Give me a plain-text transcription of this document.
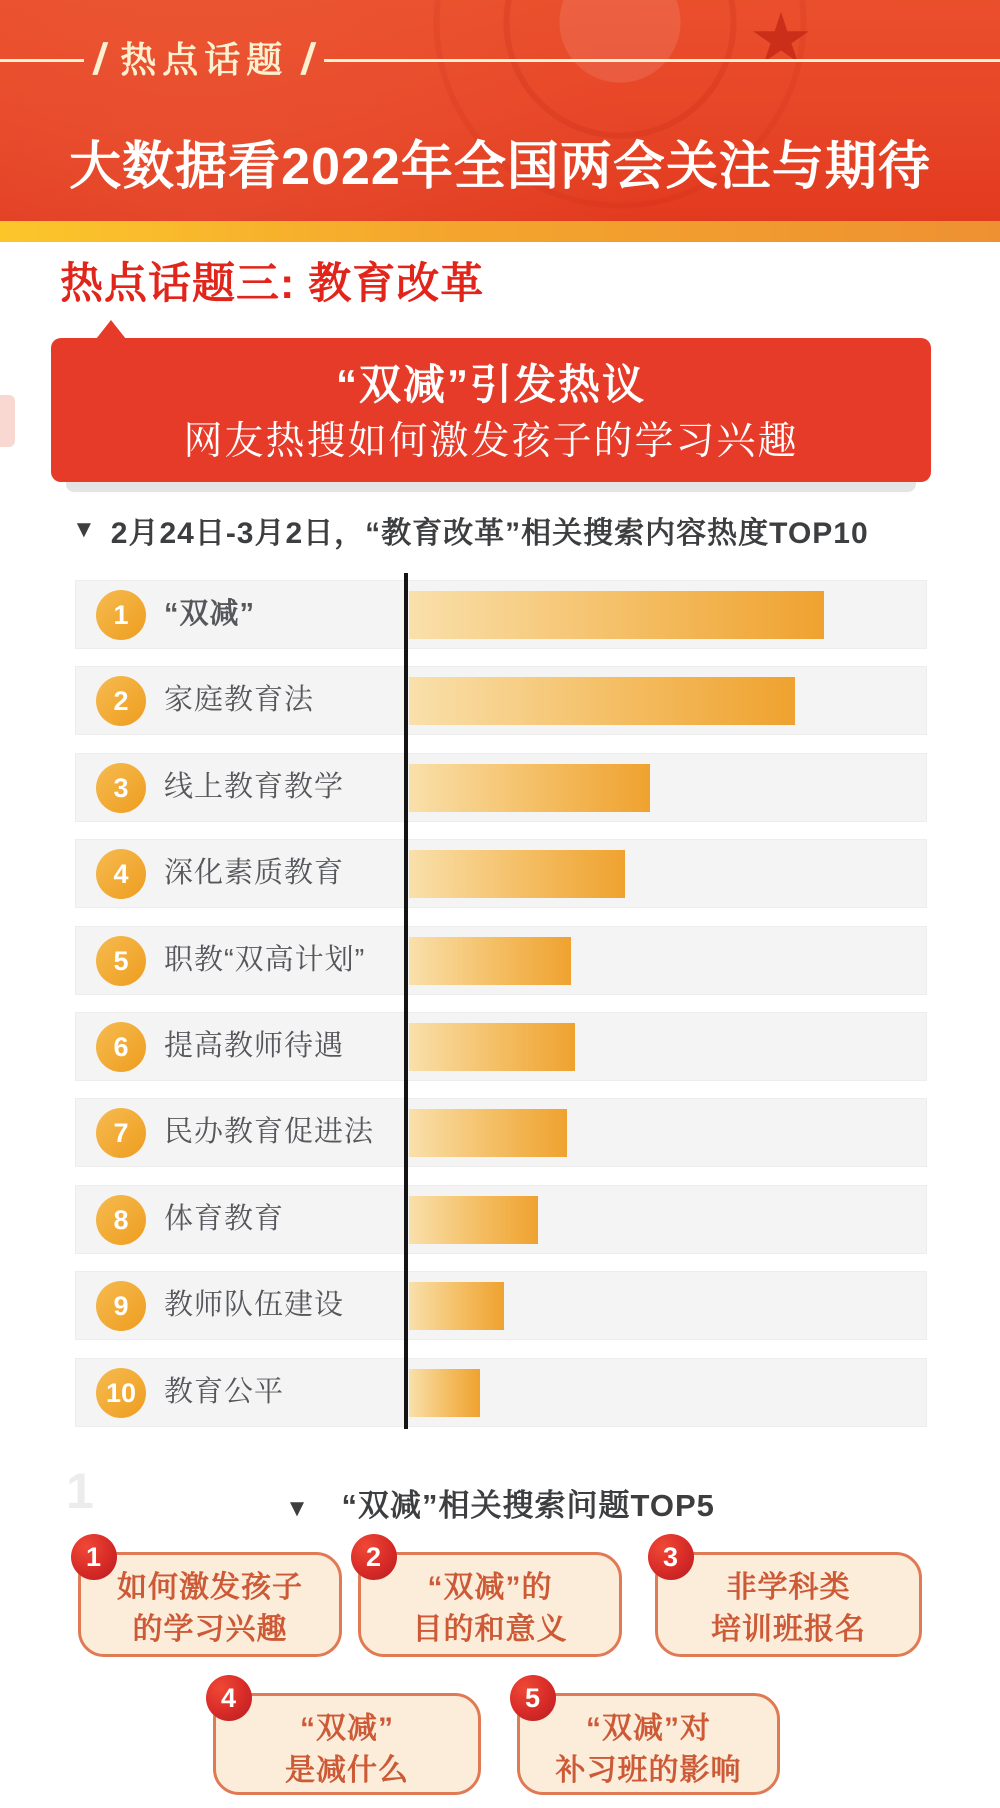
/ 热点话题 /
大数据看2022年全国两会关注与期待
热点话题三: 教育改革
“双减”引发热议
网友热搜如何激发孩子的学习兴趣
▼ 2月24日-3月2日，“教育改革”相关搜索内容热度TOP10
1	“双减”
2	家庭教育法
3	线上教育教学
4	深化素质教育
5	职教“双高计划”
6	提高教师待遇
7	民办教育促进法
8	体育教育
9	教师队伍建设
10 教育公平
1	▼ “双减”相关搜索问题TOP5
1
如何激发孩子
的学习兴趣
2
“双减”的
目的和意义
3
非学科类
培训班报名
4
“双减”
是减什么
5
“双减”对
补习班的影响
